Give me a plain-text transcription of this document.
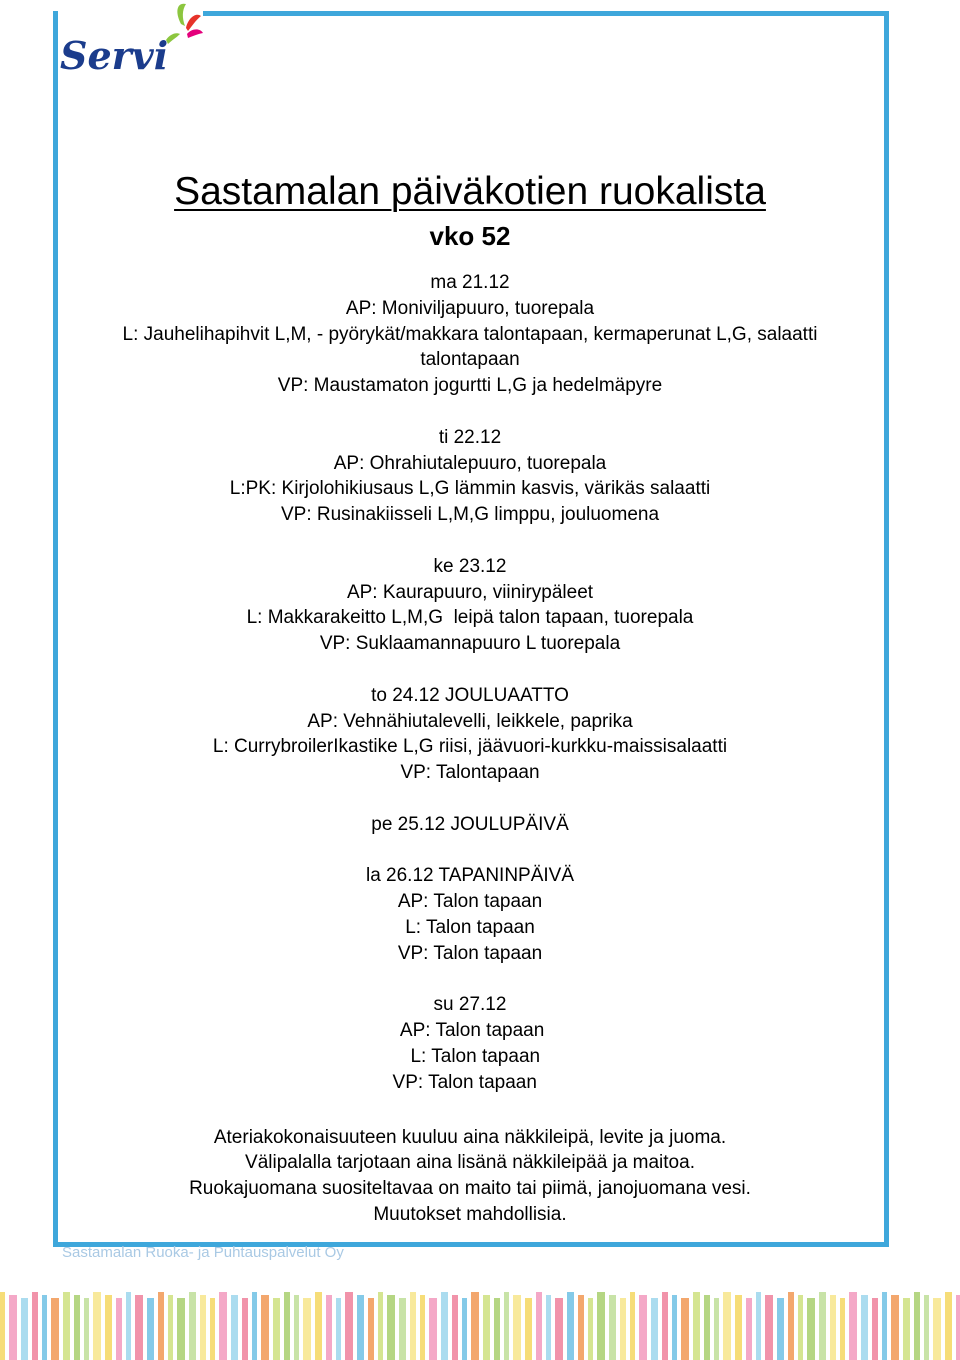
Servi
Sastamalan päiväkotien ruokalista
vko 52
ma 21.12
AP: Moniviljapuuro, tuorepala
L: Jauhelihapihvit L,M, - pyörykät/makkara talontapaan, kermaperunat L,G, salaatti
talontapaan
VP: Maustamaton jogurtti L,G ja hedelmäpyre
ti 22.12
AP: Ohrahiutalepuuro, tuorepala
L:PK: Kirjolohikiusaus L,G lämmin kasvis, värikäs salaatti
VP: Rusinakiisseli L,M,G limppu, jouluomena
ke 23.12
AP: Kaurapuuro, viinirypäleet
L: Makkarakeitto L,M,G  leipä talon tapaan, tuorepala
VP: Suklaamannapuuro L tuorepala
to 24.12 JOULUAATTO
AP: Vehnähiutalevelli, leikkele, paprika
L: CurrybroilerIkastike L,G riisi, jäävuori-kurkku-maissisalaatti
VP: Talontapaan
pe 25.12 JOULUPÄIVÄ
la 26.12 TAPANINPÄIVÄ
AP: Talon tapaan
L: Talon tapaan
VP: Talon tapaan
su 27.12
AP: Talon tapaan
L: Talon tapaan
VP: Talon tapaan
Ateriakokonaisuuteen kuuluu aina näkkileipä, levite ja juoma.
Välipalalla tarjotaan aina lisänä näkkileipää ja maitoa.
Ruokajuomana suositeltavaa on maito tai piimä, janojuomana vesi.
Muutokset mahdollisia.
Sastamalan Ruoka- ja Puhtauspalvelut Oy
